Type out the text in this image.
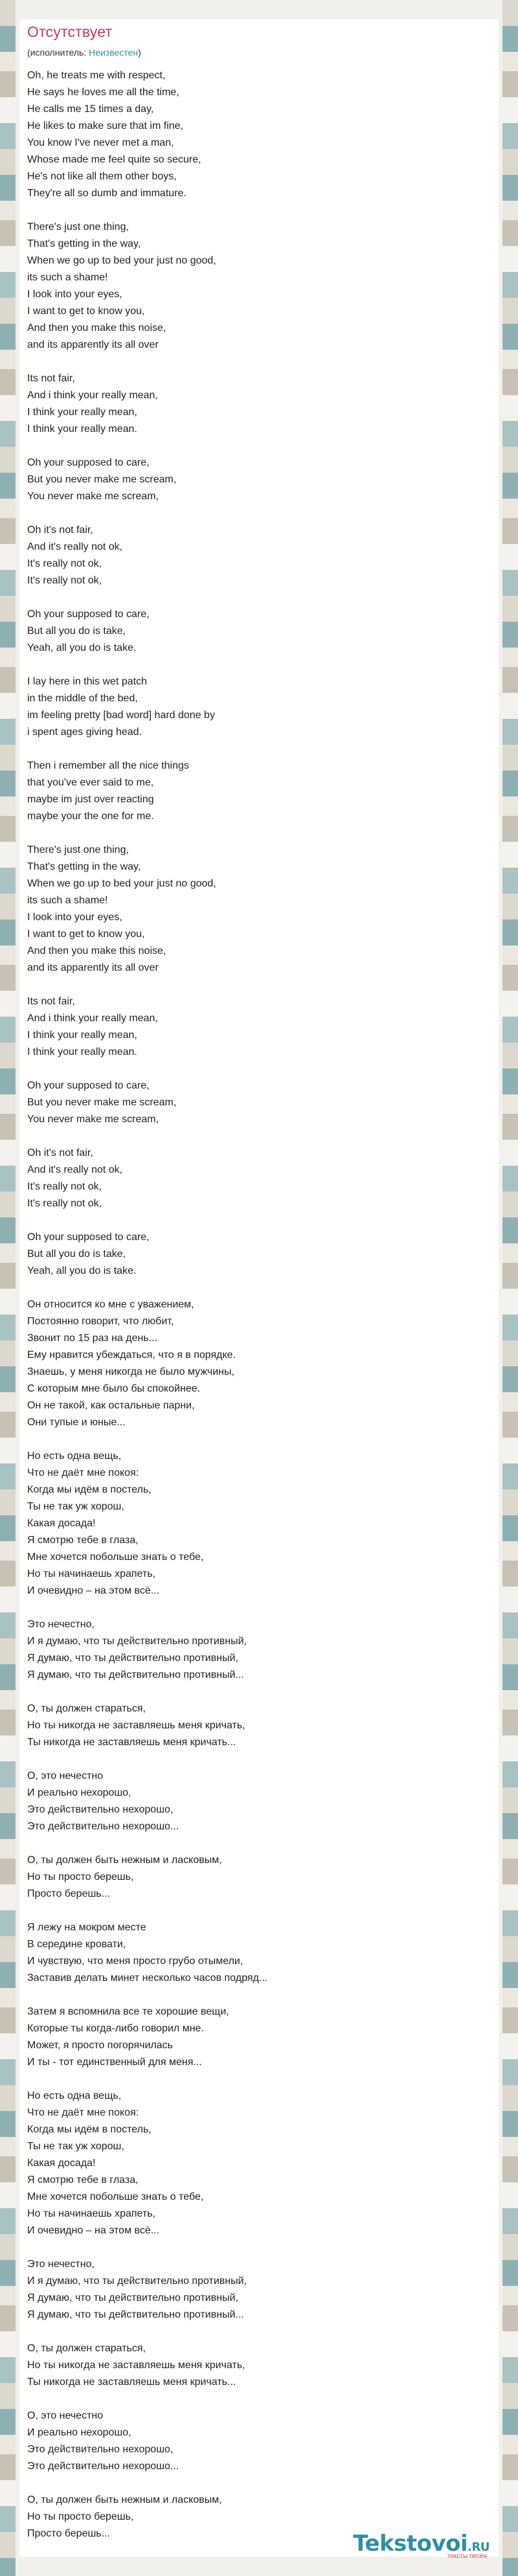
Отсутствует
(исполнитель: Неизвестен)
Oh, he treats me with respect,
He says he loves me all the time,
He calls me 15 times a day,
He likes to make sure that im fine,
You know I've never met a man,
Whose made me feel quite so secure,
He's not like all them other boys,
They're all so dumb and immature.
There's just one thing,
That's getting in the way,
When we go up to bed your just no good,
its such a shame!
I look into your eyes,
I want to get to know you,
And then you make this noise,
and its apparently its all over
Its not fair,
And i think your really mean,
I think your really mean,
I think your really mean.
Oh your supposed to care,
But you never make me scream,
You never make me scream,
Oh it's not fair,
And it's really not ok,
It's really not ok,
It's really not ok,
Oh your supposed to care,
But all you do is take,
Yeah, all you do is take.
I lay here in this wet patch
in the middle of the bed,
im feeling pretty [bad word] hard done by
i spent ages giving head.
Then i remember all the nice things
that you've ever said to me,
maybe im just over reacting
maybe your the one for me.
There's just one thing,
That's getting in the way,
When we go up to bed your just no good,
its such a shame!
I look into your eyes,
I want to get to know you,
And then you make this noise,
and its apparently its all over
Its not fair,
And i think your really mean,
I think your really mean,
I think your really mean.
Oh your supposed to care,
But you never make me scream,
You never make me scream,
Oh it's not fair,
And it's really not ok,
It's really not ok,
It's really not ok,
Oh your supposed to care,
But all you do is take,
Yeah, all you do is take.
Он относится ко мне с уважением,
Постоянно говорит, что любит,
Звонит по 15 раз на день...
Ему нравится убеждаться, что я в порядке.
Знаешь, у меня никогда не было мужчины,
С которым мне было бы спокойнее.
Он не такой, как остальные парни,
Они тупые и юные...
Но есть одна вещь,
Что не даёт мне покоя:
Когда мы идём в постель,
Ты не так уж хорош,
Какая досада!
Я смотрю тебе в глаза,
Мне хочется побольше знать о тебе,
Но ты начинаешь храпеть,
И очевидно – на этом всё...
Это нечестно,
И я думаю, что ты действительно противный,
Я думаю, что ты действительно противный,
Я думаю, что ты действительно противный...
О, ты должен стараться,
Но ты никогда не заставляешь меня кричать,
Ты никогда не заставляешь меня кричать...
О, это нечестно
И реально нехорошо,
Это действительно нехорошо,
Это действительно нехорошо...
О, ты должен быть нежным и ласковым,
Но ты просто берешь,
Просто берешь...
Я лежу на мокром месте
В середине кровати,
И чувствую, что меня просто грубо отымели,
Заставив делать минет несколько часов подряд...
Затем я вспомнила все те хорошие вещи,
Которые ты когда-либо говорил мне.
Может, я просто погорячилась
И ты - тот единственный для меня...
Но есть одна вещь,
Что не даёт мне покоя:
Когда мы идём в постель,
Ты не так уж хорош,
Какая досада!
Я смотрю тебе в глаза,
Мне хочется побольше знать о тебе,
Но ты начинаешь храпеть,
И очевидно – на этом всё...
Это нечестно,
И я думаю, что ты действительно противный,
Я думаю, что ты действительно противный,
Я думаю, что ты действительно противный...
О, ты должен стараться,
Но ты никогда не заставляешь меня кричать,
Ты никогда не заставляешь меня кричать...
О, это нечестно
И реально нехорошо,
Это действительно нехорошо,
Это действительно нехорошо...
О, ты должен быть нежным и ласковым,
Но ты просто берешь,
Просто берешь...	Tekstovoi.RU
тексты песен
